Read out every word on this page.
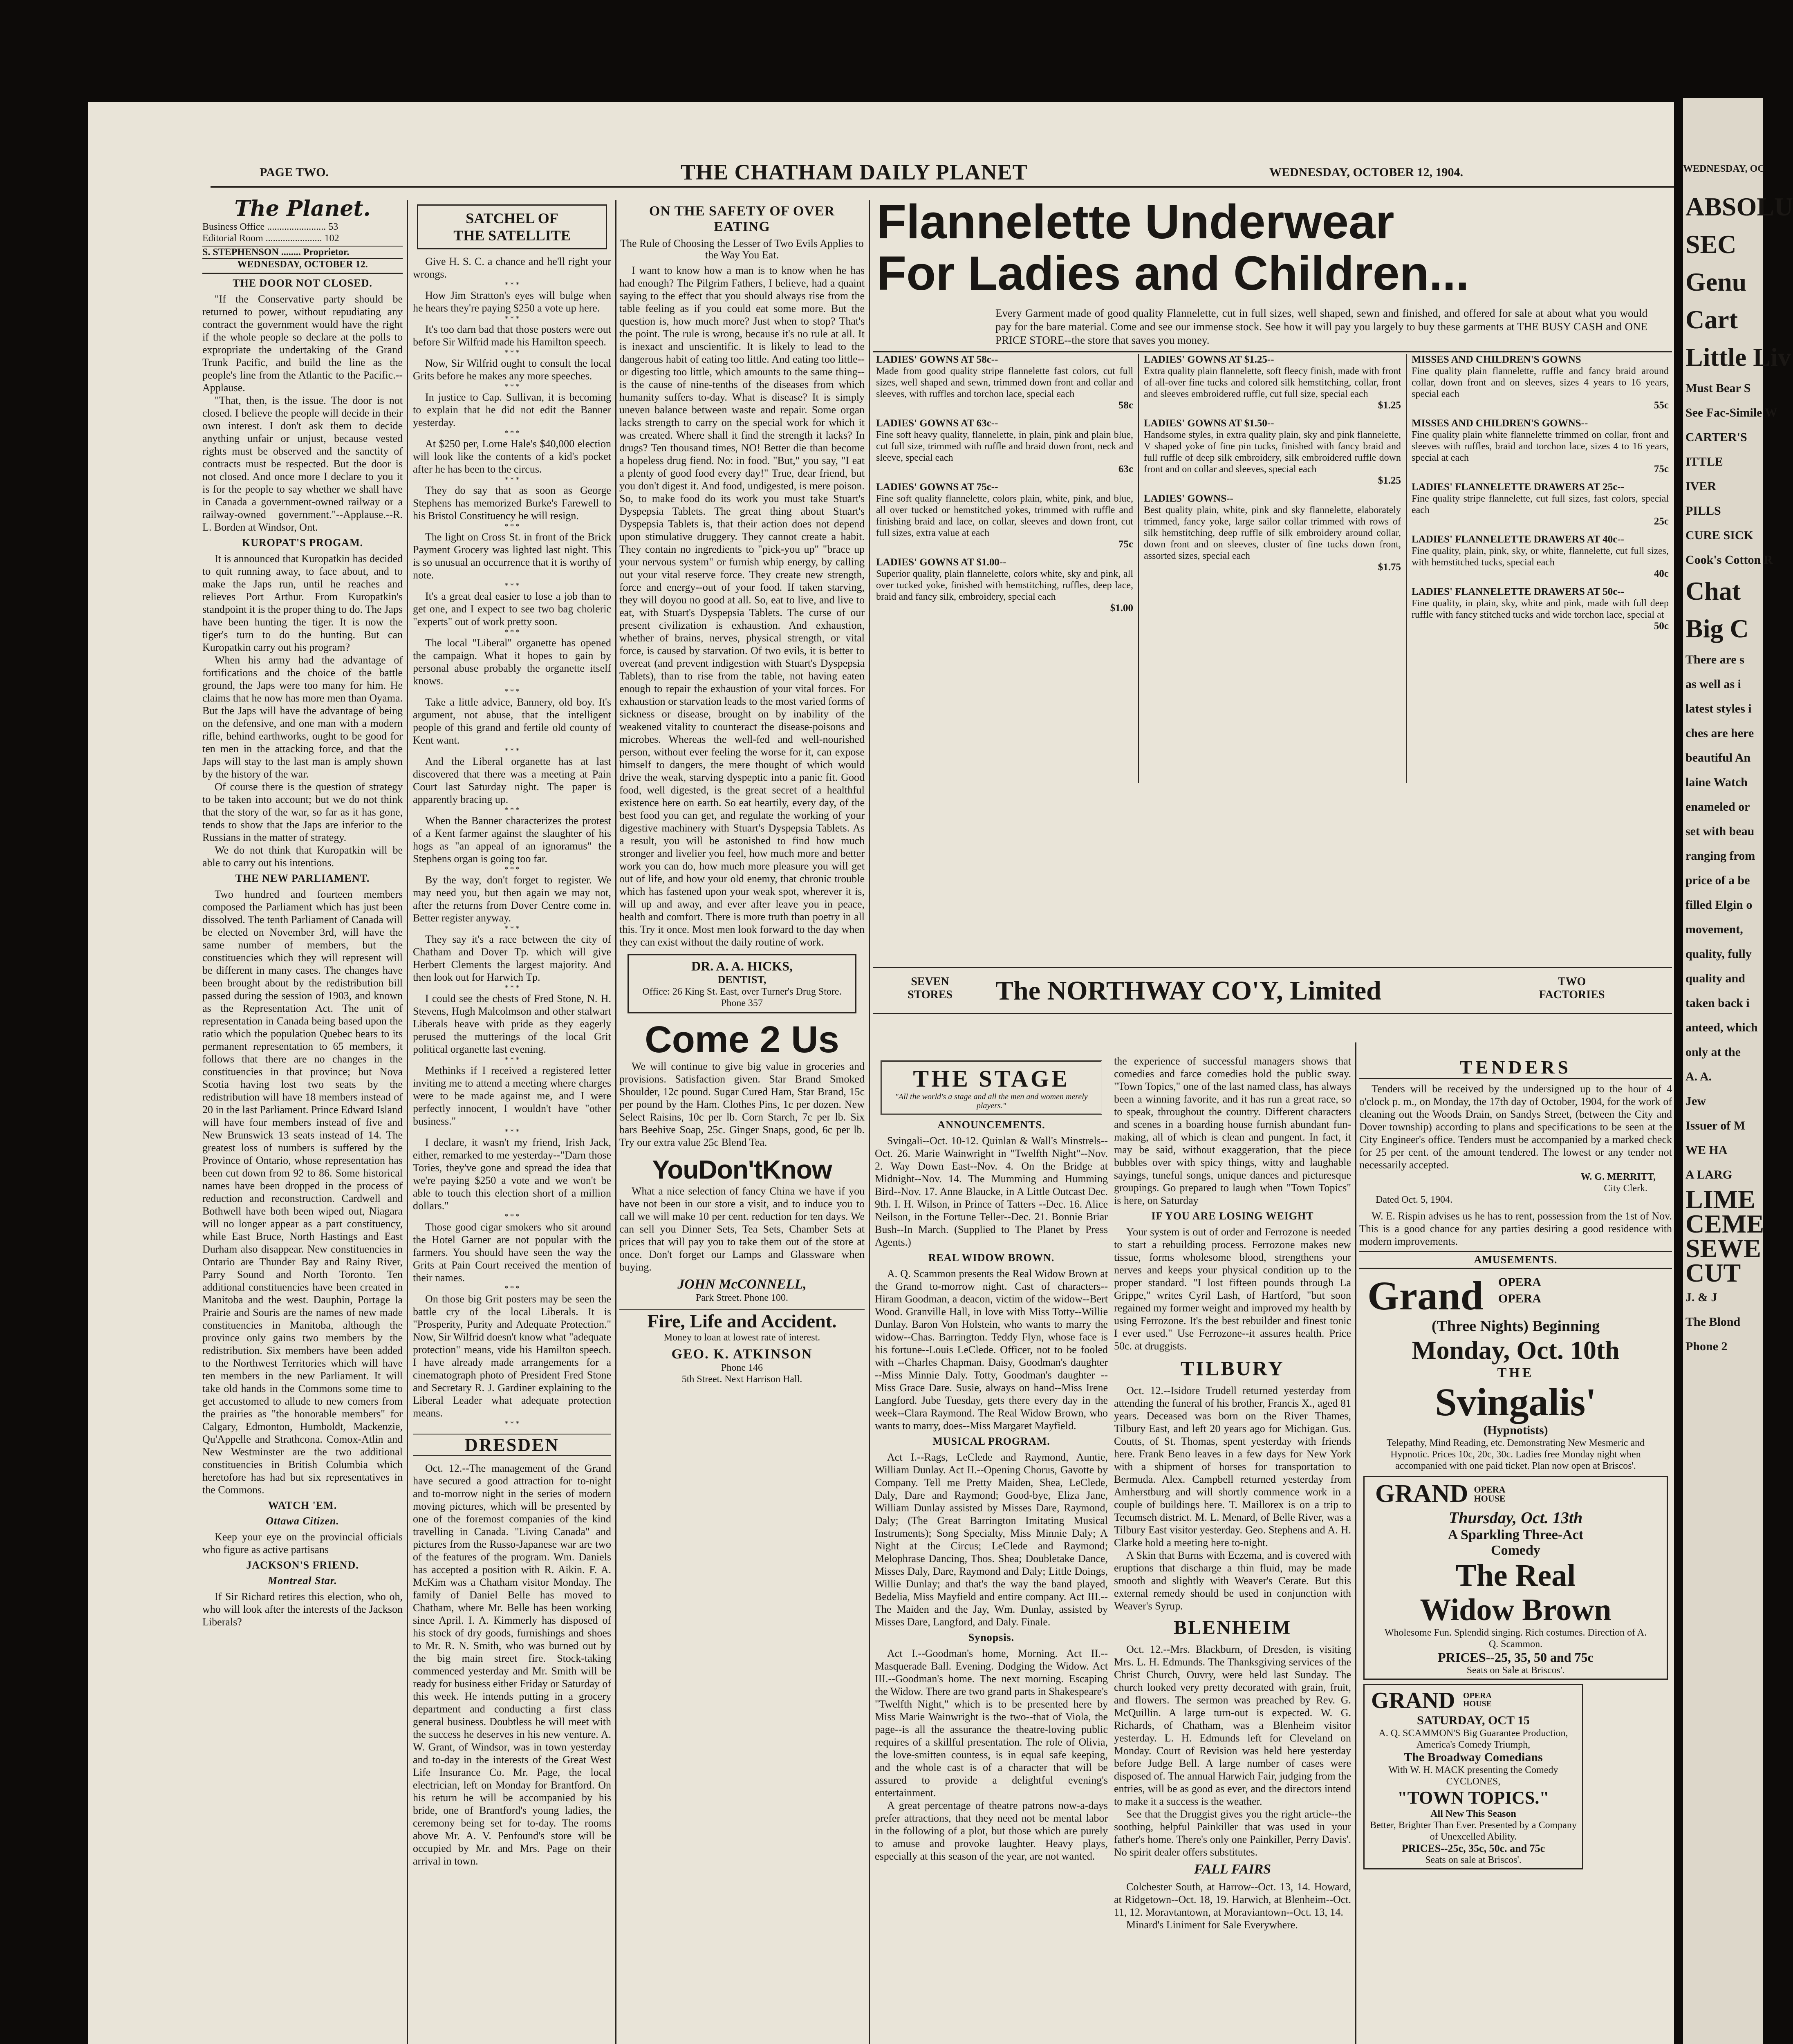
PAGE TWO.	THE CHATHAM DAILY PLANET	WEDNESDAY, OCTOBER 12, 1904.
The Planet.
Business Office ........................ 53
Editorial Room ....................... 102
S. STEPHENSON ........ Proprietor.
WEDNESDAY, OCTOBER 12.
THE DOOR NOT CLOSED.

"If the Conservative party should be returned to power, without repudiating any contract the government would have the right if the whole people so declare at the polls to expropriate the undertaking of the Grand Trunk Pacific, and build the line as the people's line from the Atlantic to the Pacific.--Applause.

"That, then, is the issue. The door is not closed. I believe the people will decide in their own interest. I don't ask them to decide anything unfair or unjust, because vested rights must be observed and the sanctity of contracts must be respected. But the door is not closed. And once more I declare to you it is for the people to say whether we shall have in Canada a government-owned railway or a railway-owned government."--Applause.--R. L. Borden at Windsor, Ont.

KUROPAT'S PROGAM.

It is announced that Kuropatkin has decided to quit running away, to face about, and to make the Japs run, until he reaches and relieves Port Arthur. From Kuropatkin's standpoint it is the proper thing to do. The Japs have been hunting the tiger. It is now the tiger's turn to do the hunting. But can Kuropatkin carry out his program?

When his army had the advantage of fortifications and the choice of the battle ground, the Japs were too many for him. He claims that he now has more men than Oyama. But the Japs will have the advantage of being on the defensive, and one man with a modern rifle, behind earthworks, ought to be good for ten men in the attacking force, and that the Japs will stay to the last man is amply shown by the history of the war.

Of course there is the question of strategy to be taken into account; but we do not think that the story of the war, so far as it has gone, tends to show that the Japs are inferior to the Russians in the matter of strategy.

We do not think that Kuropatkin will be able to carry out his intentions.

THE NEW PARLIAMENT.

Two hundred and fourteen members composed the Parliament which has just been dissolved. The tenth Parliament of Canada will be elected on November 3rd, will have the same number of members, but the constituencies which they will represent will be different in many cases. The changes have been brought about by the redistribution bill passed during the session of 1903, and known as the Representation Act. The unit of representation in Canada being based upon the ratio which the population Quebec bears to its permanent representation to 65 members, it follows that there are no changes in the constituencies in that province; but Nova Scotia having lost two seats by the redistribution will have 18 members instead of 20 in the last Parliament. Prince Edward Island will have four members instead of five and New Brunswick 13 seats instead of 14. The greatest loss of numbers is suffered by the Province of Ontario, whose representation has been cut down from 92 to 86. Some historical names have been dropped in the process of reduction and reconstruction. Cardwell and Bothwell have both been wiped out, Niagara will no longer appear as a part constituency, while East Bruce, North Hastings and East Durham also disappear. New constituencies in Ontario are Thunder Bay and Rainy River, Parry Sound and North Toronto. Ten additional constituencies have been created in Manitoba and the west. Dauphin, Portage la Prairie and Souris are the names of new made constituencies in Manitoba, although the province only gains two members by the redistribution. Six members have been added to the Northwest Territories which will have ten members in the new Parliament. It will take old hands in the Commons some time to get accustomed to allude to new comers from the prairies as "the honorable members" for Calgary, Edmonton, Humboldt, Mackenzie, Qu'Appelle and Strathcona. Comox-Atlin and New Westminster are the two additional constituencies in British Columbia which heretofore has had but six representatives in the Commons.

WATCH 'EM.
Ottawa Citizen.

Keep your eye on the provincial officials who figure as active partisans

JACKSON'S FRIEND.
Montreal Star.

If Sir Richard retires this election, who oh, who will look after the interests of the Jackson Liberals?

SATCHEL OF
THE SATELLITE

Give H. S. C. a chance and he'll right your wrongs.

* * *

How Jim Stratton's eyes will bulge when he hears they're paying $250 a vote up here.

* * *

It's too darn bad that those posters were out before Sir Wilfrid made his Hamilton speech.

* * *

Now, Sir Wilfrid ought to consult the local Grits before he makes any more speeches.

* * *

In justice to Cap. Sullivan, it is becoming to explain that he did not edit the Banner yesterday.

* * *

At $250 per, Lorne Hale's $40,000 election will look like the contents of a kid's pocket after he has been to the circus.

* * *

They do say that as soon as George Stephens has memorized Burke's Farewell to his Bristol Constituency he will resign.

* * *

The light on Cross St. in front of the Brick Payment Grocery was lighted last night. This is so unusual an occurrence that it is worthy of note.

* * *

It's a great deal easier to lose a job than to get one, and I expect to see two bag choleric "experts" out of work pretty soon.

* * *

The local "Liberal" organette has opened the campaign. What it hopes to gain by personal abuse probably the organette itself knows.

* * *

Take a little advice, Bannery, old boy. It's argument, not abuse, that the intelligent people of this grand and fertile old county of Kent want.

* * *

And the Liberal organette has at last discovered that there was a meeting at Pain Court last Saturday night. The paper is apparently bracing up.

* * *

When the Banner characterizes the protest of a Kent farmer against the slaughter of his hogs as "an appeal of an ignoramus" the Stephens organ is going too far.

* * *

By the way, don't forget to register. We may need you, but then again we may not, after the returns from Dover Centre come in. Better register anyway.

* * *

They say it's a race between the city of Chatham and Dover Tp. which will give Herbert Clements the largest majority. And then look out for Harwich Tp.

* * *

I could see the chests of Fred Stone, N. H. Stevens, Hugh Malcolmson and other stalwart Liberals heave with pride as they eagerly perused the mutterings of the local Grit political organette last evening.

* * *

Methinks if I received a registered letter inviting me to attend a meeting where charges were to be made against me, and I were perfectly innocent, I wouldn't have "other business."

* * *

I declare, it wasn't my friend, Irish Jack, either, remarked to me yesterday--"Darn those Tories, they've gone and spread the idea that we're paying $250 a vote and we won't be able to touch this election short of a million dollars."

* * *

Those good cigar smokers who sit around the Hotel Garner are not popular with the farmers. You should have seen the way the Grits at Pain Court received the mention of their names.

* * *

On those big Grit posters may be seen the battle cry of the local Liberals. It is "Prosperity, Purity and Adequate Protection." Now, Sir Wilfrid doesn't know what "adequate protection" means, vide his Hamilton speech. I have already made arrangements for a cinematograph photo of President Fred Stone and Secretary R. J. Gardiner explaining to the Liberal Leader what adequate protection means.

* * *
DRESDEN

Oct. 12.--The management of the Grand have secured a good attraction for to-night and to-morrow night in the series of modern moving pictures, which will be presented by one of the foremost companies of the kind travelling in Canada. "Living Canada" and pictures from the Russo-Japanese war are two of the features of the program. Wm. Daniels has accepted a position with R. Aikin. F. A. McKim was a Chatham visitor Monday. The family of Daniel Belle has moved to Chatham, where Mr. Belle has been working since April. I. A. Kimmerly has disposed of his stock of dry goods, furnishings and shoes to Mr. R. N. Smith, who was burned out by the big main street fire. Stock-taking commenced yesterday and Mr. Smith will be ready for business either Friday or Saturday of this week. He intends putting in a grocery department and conducting a first class general business. Doubtless he will meet with the success he deserves in his new venture. A. W. Grant, of Windsor, was in town yesterday and to-day in the interests of the Great West Life Insurance Co. Mr. Page, the local electrician, left on Monday for Brantford. On his return he will be accompanied by his bride, one of Brantford's young ladies, the ceremony being set for to-day. The rooms above Mr. A. V. Penfound's store will be occupied by Mr. and Mrs. Page on their arrival in town.

ON THE SAFETY OF OVER EATING
The Rule of Choosing the Lesser of Two Evils Applies to the Way You Eat.

I want to know how a man is to know when he has had enough? The Pilgrim Fathers, I believe, had a quaint saying to the effect that you should always rise from the table feeling as if you could eat some more. But the question is, how much more? Just when to stop? That's the point. The rule is wrong, because it's no rule at all. It is inexact and unscientific. It is likely to lead to the dangerous habit of eating too little. And eating too little--or digesting too little, which amounts to the same thing--is the cause of nine-tenths of the diseases from which humanity suffers to-day. What is disease? It is simply uneven balance between waste and repair. Some organ lacks strength to carry on the special work for which it was created. Where shall it find the strength it lacks? In drugs? Ten thousand times, NO! Better die than become a hopeless drug fiend. No: in food. "But," you say, "I eat a plenty of good food every day!" True, dear friend, but you don't digest it. And food, undigested, is mere poison. So, to make food do its work you must take Stuart's Dyspepsia Tablets. The great thing about Stuart's Dyspepsia Tablets is, that their action does not depend upon stimulative druggery. They cannot create a habit. They contain no ingredients to "pick-you up" "brace up your nervous system" or furnish whip energy, by calling out your vital reserve force. They create new strength, force and energy--out of your food. If taken starving, they will doyou no good at all. So, eat to live, and live to eat, with Stuart's Dyspepsia Tablets. The curse of our present civilization is exhaustion. And exhaustion, whether of brains, nerves, physical strength, or vital force, is caused by starvation. Of two evils, it is better to overeat (and prevent indigestion with Stuart's Dyspepsia Tablets), than to rise from the table, not having eaten enough to repair the exhaustion of your vital forces. For exhaustion or starvation leads to the most varied forms of sickness or disease, brought on by inability of the weakened vitality to counteract the disease-poisons and microbes. Whereas the well-fed and well-nourished person, without ever feeling the worse for it, can expose himself to dangers, the mere thought of which would drive the weak, starving dyspeptic into a panic fit. Good food, well digested, is the great secret of a healthful existence here on earth. So eat heartily, every day, of the best food you can get, and regulate the working of your digestive machinery with Stuart's Dyspepsia Tablets. As a result, you will be astonished to find how much stronger and livelier you feel, how much more and better work you can do, how much more pleasure you will get out of life, and how your old enemy, that chronic trouble which has fastened upon your weak spot, wherever it is, will up and away, and ever after leave you in peace, health and comfort. There is more truth than poetry in all this. Try it once. Most men look forward to the day when they can exist without the daily routine of work.

DR. A. A. HICKS,
DENTIST,
Office: 26 King St. East, over Turner's Drug Store. Phone 357
Come 2 Us

We will continue to give big value in groceries and provisions. Satisfaction given. Star Brand Smoked Shoulder, 12c pound. Sugar Cured Ham, Star Brand, 15c per pound by the Ham. Clothes Pins, 1c per dozen. New Select Raisins, 10c per lb. Corn Starch, 7c per lb. Six bars Beehive Soap, 25c. Ginger Snaps, good, 6c per lb. Try our extra value 25c Blend Tea.

YouDon'tKnow

What a nice selection of fancy China we have if you have not been in our store a visit, and to induce you to call we will make 10 per cent. reduction for ten days. We can sell you Dinner Sets, Tea Sets, Chamber Sets at prices that will pay you to take them out of the store at once. Don't forget our Lamps and Glassware when buying.

JOHN McCONNELL,
Park Street. Phone 100.
Fire, Life and Accident.
Money to loan at lowest rate of interest.
GEO. K. ATKINSON
Phone 146
5th Street. Next Harrison Hall.
Flannelette Underwear
For Ladies and Children...

Every Garment made of good quality Flannelette, cut in full sizes, well shaped, sewn and finished, and offered for sale at about what you would pay for the bare material. Come and see our immense stock. See how it will pay you largely to buy these garments at THE BUSY CASH and ONE PRICE STORE--the store that saves you money.

LADIES' GOWNS AT 58c--

Made from good quality stripe flannelette fast colors, cut full sizes, well shaped and sewn, trimmed down front and collar and sleeves, with ruffles and torchon lace, special each

58c
LADIES' GOWNS AT 63c--

Fine soft heavy quality, flannelette, in plain, pink and plain blue, cut full size, trimmed with ruffle and braid down front, neck and sleeve, special each

63c
LADIES' GOWNS AT 75c--

Fine soft quality flannelette, colors plain, white, pink, and blue, all over tucked or hemstitched yokes, trimmed with ruffle and finishing braid and lace, on collar, sleeves and down front, cut full sizes, extra value at each

75c
LADIES' GOWNS AT $1.00--

Superior quality, plain flannelette, colors white, sky and pink, all over tucked yoke, finished with hemstitching, ruffles, deep lace, braid and fancy silk, embroidery, special each

$1.00
LADIES' GOWNS AT $1.25--

Extra quality plain flannelette, soft fleecy finish, made with front of all-over fine tucks and colored silk hemstitching, collar, front and sleeves embroidered ruffle, cut full size, special each

$1.25
LADIES' GOWNS AT $1.50--

Handsome styles, in extra quality plain, sky and pink flannelette, V shaped yoke of fine pin tucks, finished with fancy braid and full ruffle of deep silk embroidery, silk embroidered ruffle down front and on collar and sleeves, special each

$1.25
LADIES' GOWNS--

Best quality plain, white, pink and sky flannelette, elaborately trimmed, fancy yoke, large sailor collar trimmed with rows of silk hemstitching, deep ruffle of silk embroidery around collar, down front and on sleeves, cluster of fine tucks down front, assorted sizes, special each

$1.75
MISSES AND CHILDREN'S GOWNS

Fine quality plain flannelette, ruffle and fancy braid around collar, down front and on sleeves, sizes 4 years to 16 years, special each

55c
MISSES AND CHILDREN'S GOWNS--

Fine quality plain white flannelette trimmed on collar, front and sleeves with ruffles, braid and torchon lace, sizes 4 to 16 years, special at each

75c
LADIES' FLANNELETTE DRAWERS AT 25c--

Fine quality stripe flannelette, cut full sizes, fast colors, special each

25c
LADIES' FLANNELETTE DRAWERS AT 40c--

Fine quality, plain, pink, sky, or white, flannelette, cut full sizes, with hemstitched tucks, special each

40c
LADIES' FLANNELETTE DRAWERS AT 50c--

Fine quality, in plain, sky, white and pink, made with full deep ruffle with fancy stitched tucks and wide torchon lace, special at

50c
SEVEN STORES	The NORTHWAY CO'Y, Limited	TWO FACTORIES
THE STAGE
"All the world's a stage and all the men and women merely players."
ANNOUNCEMENTS.

Svingali--Oct. 10-12. Quinlan & Wall's Minstrels--Oct. 26. Marie Wainwright in "Twelfth Night"--Nov. 2. Way Down East--Nov. 4. On the Bridge at Midnight--Nov. 14. The Mumming and Humming Bird--Nov. 17. Anne Blaucke, in A Little Outcast Dec. 9th. I. H. Wilson, in Prince of Tatters --Dec. 16. Alice Neilson, in the Fortune Teller--Dec. 21. Bonnie Briar Bush--In March. (Supplied to The Planet by Press Agents.)

REAL WIDOW BROWN.

A. Q. Scammon presents the Real Widow Brown at the Grand to-morrow night. Cast of characters-- Hiram Goodman, a deacon, victim of the widow--Bert Wood. Granville Hall, in love with Miss Totty--Willie Dunlay. Baron Von Holstein, who wants to marry the widow--Chas. Barrington. Teddy Flyn, whose face is his fortune--Louis LeClede. Officer, not to be fooled with --Charles Chapman. Daisy, Goodman's daughter --Miss Minnie Daly. Totty, Goodman's daughter --Miss Grace Dare. Susie, always on hand--Miss Irene Langford. Jube Tuesday, gets there every day in the week--Clara Raymond. The Real Widow Brown, who wants to marry, does--Miss Margaret Mayfield.

MUSICAL PROGRAM.

Act I.--Rags, LeClede and Raymond, Auntie, William Dunlay. Act II.--Opening Chorus, Gavotte by Company. Tell me Pretty Maiden, Shea, LeClede, Daly, Dare and Raymond; Good-bye, Eliza Jane, William Dunlay assisted by Misses Dare, Raymond, Daly; (The Great Barrington Imitating Musical Instruments); Song Specialty, Miss Minnie Daly; A Night at the Circus; LeClede and Raymond; Melophrase Dancing, Thos. Shea; Doubletake Dance, Misses Daly, Dare, Raymond and Daly; Little Doings, Willie Dunlay; and that's the way the band played, Bedelia, Miss Mayfield and entire company. Act III.--The Maiden and the Jay, Wm. Dunlay, assisted by Misses Dare, Langford, and Daly. Finale.

Synopsis.

Act I.--Goodman's home, Morning. Act II.--Masquerade Ball. Evening. Dodging the Widow. Act III.--Goodman's home. The next morning. Escaping the Widow. There are two grand parts in Shakespeare's "Twelfth Night," which is to be presented here by Miss Marie Wainwright is the two--that of Viola, the page--is all the assurance the theatre-loving public requires of a skillful presentation. The role of Olivia, the love-smitten countess, is in equal safe keeping, and the whole cast is of a character that will be assured to provide a delightful evening's entertainment.

A great percentage of theatre patrons now-a-days prefer attractions, that they need not be mental labor in the following of a plot, but those which are purely to amuse and provoke laughter. Heavy plays, especially at this season of the year, are not wanted.

the experience of successful managers shows that comedies and farce comedies hold the public sway. "Town Topics," one of the last named class, has always been a winning favorite, and it has run a great race, so to speak, throughout the country. Different characters and scenes in a boarding house furnish abundant fun-making, all of which is clean and pungent. In fact, it may be said, without exaggeration, that the piece bubbles over with spicy things, witty and laughable sayings, tuneful songs, unique dances and picturesque groupings. Go prepared to laugh when "Town Topics" is here, on Saturday

IF YOU ARE LOSING WEIGHT

Your system is out of order and Ferrozone is needed to start a rebuilding process. Ferrozone makes new tissue, forms wholesome blood, strengthens your nerves and keeps your physical condition up to the proper standard. "I lost fifteen pounds through La Grippe," writes Cyril Lash, of Hartford, "but soon regained my former weight and improved my health by using Ferrozone. It's the best rebuilder and finest tonic I ever used." Use Ferrozone--it assures health. Price 50c. at druggists.

TILBURY

Oct. 12.--Isidore Trudell returned yesterday from attending the funeral of his brother, Francis X., aged 81 years. Deceased was born on the River Thames, Tilbury East, and left 20 years ago for Michigan. Gus. Coutts, of St. Thomas, spent yesterday with friends here. Frank Beno leaves in a few days for New York with a shipment of horses for transportation to Bermuda. Alex. Campbell returned yesterday from Amherstburg and will shortly commence work in a couple of buildings here. T. Maillorex is on a trip to Tecumseh district. M. L. Menard, of Belle River, was a Tilbury East visitor yesterday. Geo. Stephens and A. H. Clarke hold a meeting here to-night.

A Skin that Burns with Eczema, and is covered with eruptions that discharge a thin fluid, may be made smooth and slightly with Weaver's Cerate. But this external remedy should be used in conjunction with Weaver's Syrup.

BLENHEIM

Oct. 12.--Mrs. Blackburn, of Dresden, is visiting Mrs. L. H. Edmunds. The Thanksgiving services of the Christ Church, Ouvry, were held last Sunday. The church looked very pretty decorated with grain, fruit, and flowers. The sermon was preached by Rev. G. McQuillin. A large turn-out is expected. W. G. Richards, of Chatham, was a Blenheim visitor yesterday. L. H. Edmunds left for Cleveland on Monday. Court of Revision was held here yesterday before Judge Bell. A large number of cases were disposed of. The annual Harwich Fair, judging from the entries, will be as good as ever, and the directors intend to make it a success is the weather.

See that the Druggist gives you the right article--the soothing, helpful Painkiller that was used in your father's home. There's only one Painkiller, Perry Davis'. No spirit dealer offers substitutes.

FALL FAIRS

Colchester South, at Harrow--Oct. 13, 14. Howard, at Ridgetown--Oct. 18, 19. Harwich, at Blenheim--Oct. 11, 12. Moravtantown, at Moraviantown--Oct. 13, 14.

Minard's Liniment for Sale Everywhere.

TENDERS

Tenders will be received by the undersigned up to the hour of 4 o'clock p. m., on Monday, the 17th day of October, 1904, for the work of cleaning out the Woods Drain, on Sandys Street, (between the City and Dover township) according to plans and specifications to be seen at the City Engineer's office. Tenders must be accompanied by a marked check for 25 per cent. of the amount tendered. The lowest or any tender not necessarily accepted.

W. G. MERRITT,
City Clerk.
Dated Oct. 5, 1904.

W. E. Rispin advises us he has to rent, possession from the 1st of Nov. This is a good chance for any parties desiring a good residence with modern improvements.

AMUSEMENTS.
Grand OPERA
OPERA
(Three Nights) Beginning
Monday, Oct. 10th
THE
Svingalis'
(Hypnotists)

Telepathy, Mind Reading, etc. Demonstrating New Mesmeric and Hypnotic. Prices 10c, 20c, 30c. Ladies free Monday night when accompanied with one paid ticket. Plan now open at Briscos'.

GRAND OPERA HOUSE
Thursday, Oct. 13th
A Sparkling Three-Act
Comedy
The Real
Widow Brown

Wholesome Fun. Splendid singing. Rich costumes. Direction of A. Q. Scammon.

PRICES--25, 35, 50 and 75c
Seats on Sale at Briscos'.
GRAND OPERA HOUSE
SATURDAY, OCT 15

A. Q. SCAMMON'S Big Guarantee Production, America's Comedy Triumph,

The Broadway Comedians

With W. H. MACK presenting the Comedy CYCLONES,

"TOWN TOPICS."
All New This Season

Better, Brighter Than Ever. Presented by a Company of Unexcelled Ability.

PRICES--25c, 35c, 50c. and 75c
Seats on sale at Briscos'.
WEDNESDAY, OC
ABSOLU
SEC
Genu
Cart
Little Liv
Must Bear S
See Fac-Simile W
CARTER'S
ITTLE
IVER
PILLS
CURE SICK
Cook's Cotton R
Chat
Big C
There are s
as well as i
latest styles i
ches are here
beautiful An
laine Watch
enameled or
set with beau
ranging from
price of a be
filled Elgin o
movement,
quality, fully
quality and
taken back i
anteed, which
only at the
A. A.
Jew
Issuer of M
WE HA
A LARG
LIME
CEME
SEWE
CUT
J. & J
The Blond
Phone 2
